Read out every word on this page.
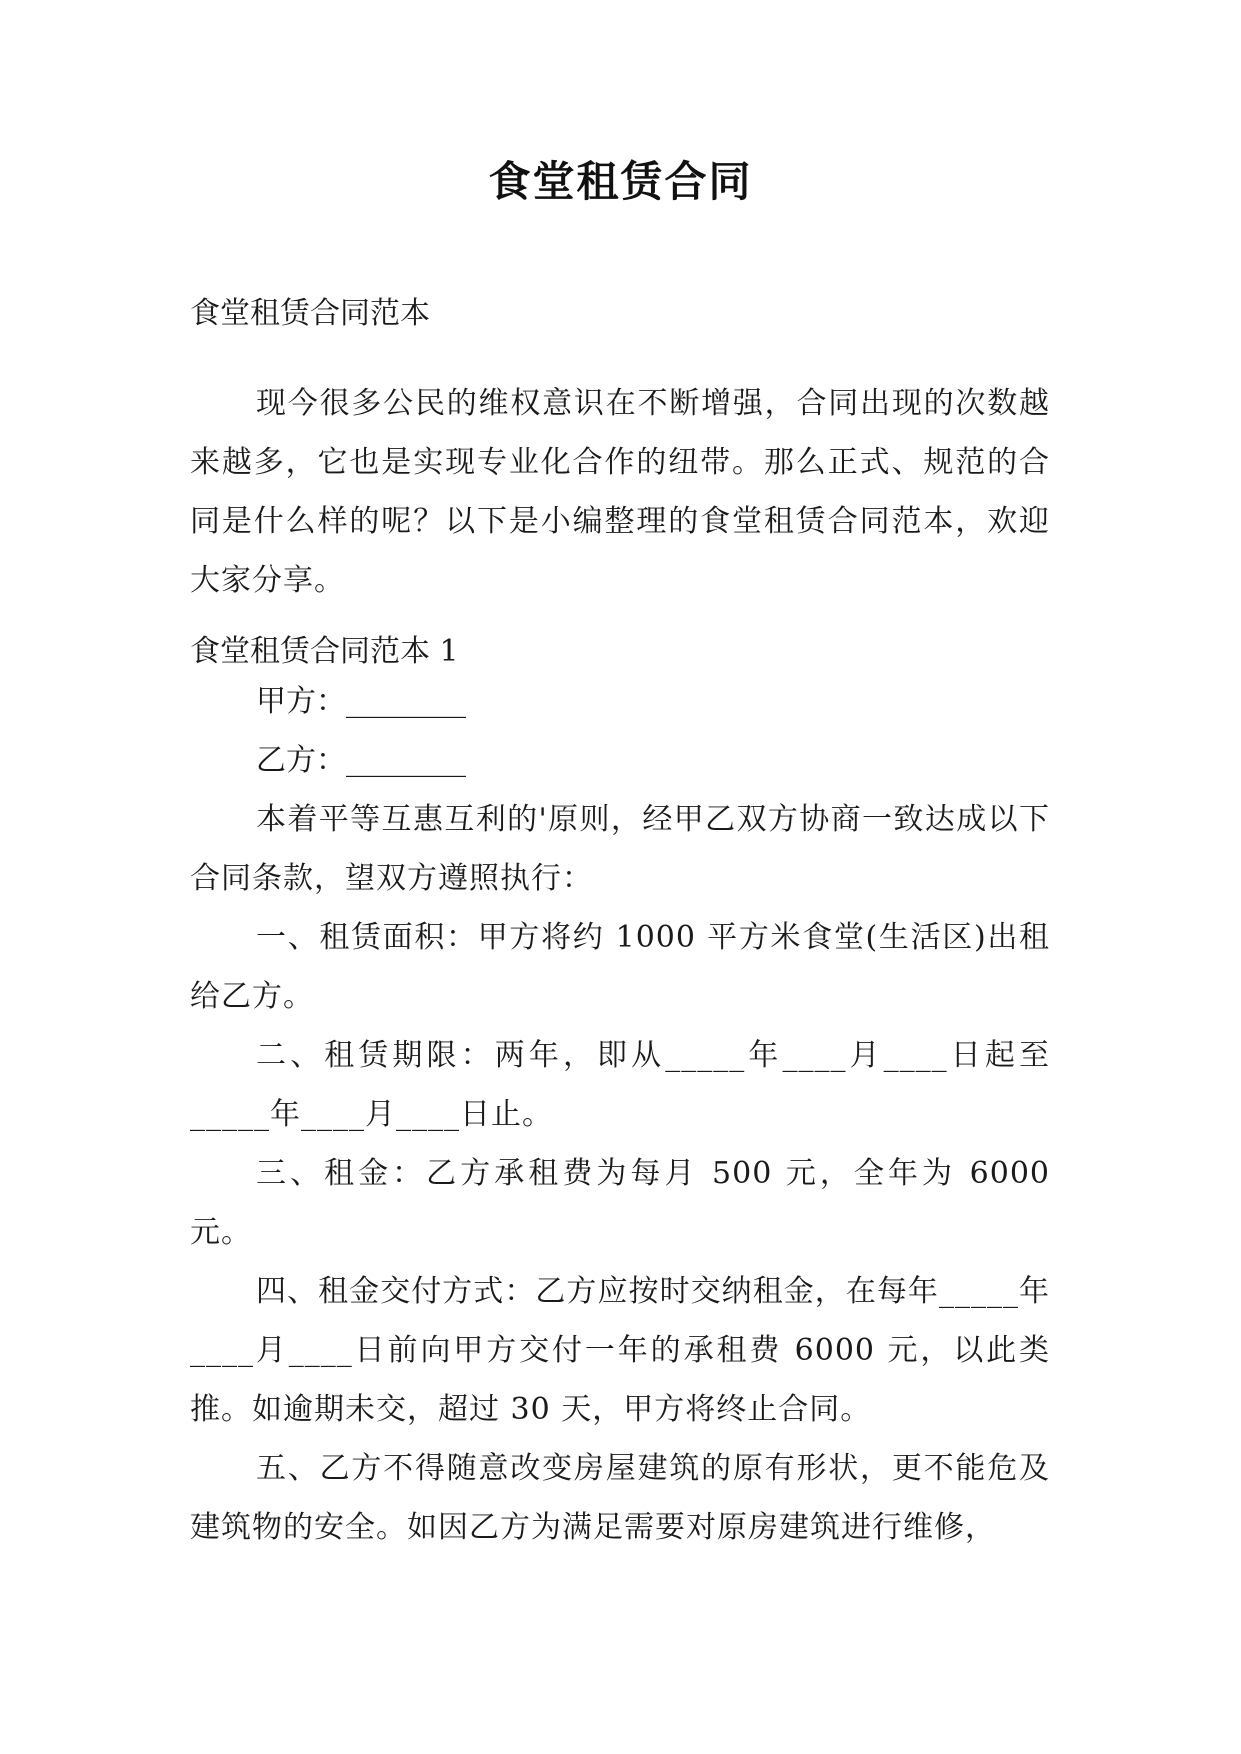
食堂租赁合同
食堂租赁合同范本
现今很多公民的维权意识在不断增强，合同出现的次数越来越多，它也是实现专业化合作的纽带。那么正式、规范的合同是什么样的呢？以下是小编整理的食堂租赁合同范本，欢迎大家分享。
食堂租赁合同范本 1

甲方：________

乙方：________

本着平等互惠互利的'原则，经甲乙双方协商一致达成以下合同条款，望双方遵照执行：

一、租赁面积：甲方将约 1000 平方米食堂(生活区)出租给乙方。

二、租赁期限：两年，即从_____年____月____日起至_____年____月____日止。

三、租金：乙方承租费为每月 500 元，全年为 6000 元。

四、租金交付方式：乙方应按时交纳租金，在每年_____年____月____日前向甲方交付一年的承租费 6000 元，以此类推。如逾期未交，超过 30 天，甲方将终止合同。

五、乙方不得随意改变房屋建筑的原有形状，更不能危及建筑物的安全。如因乙方为满足需要对原房建筑进行维修，
